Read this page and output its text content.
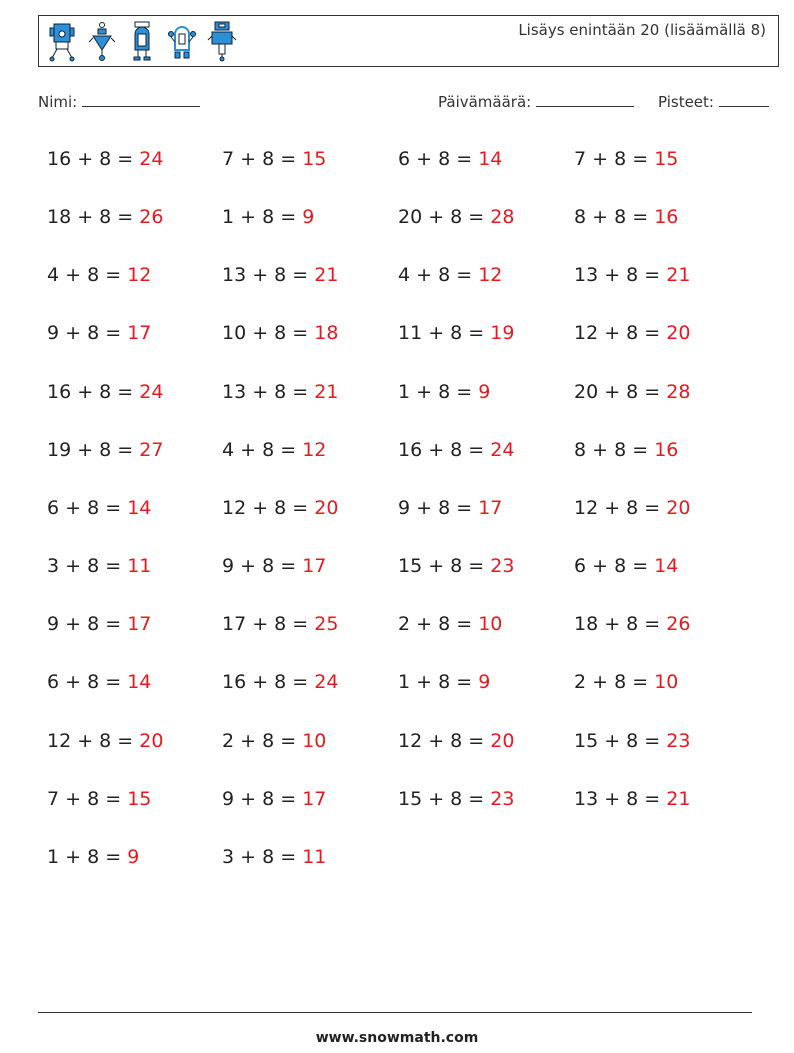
Lisäys enintään 20 (lisäämällä 8)
Nimi:	Päivämäärä:	Pisteet:
16 + 8 = 24
18 + 8 = 26
4 + 8 = 12
9 + 8 = 17
16 + 8 = 24
19 + 8 = 27
6 + 8 = 14
3 + 8 = 11
9 + 8 = 17
6 + 8 = 14
12 + 8 = 20
7 + 8 = 15
1 + 8 = 9
7 + 8 = 15
1 + 8 = 9
13 + 8 = 21
10 + 8 = 18
13 + 8 = 21
4 + 8 = 12
12 + 8 = 20
9 + 8 = 17
17 + 8 = 25
16 + 8 = 24
2 + 8 = 10
9 + 8 = 17
3 + 8 = 11
6 + 8 = 14
20 + 8 = 28
4 + 8 = 12
11 + 8 = 19
1 + 8 = 9
16 + 8 = 24
9 + 8 = 17
15 + 8 = 23
2 + 8 = 10
1 + 8 = 9
12 + 8 = 20
15 + 8 = 23
7 + 8 = 15
8 + 8 = 16
13 + 8 = 21
12 + 8 = 20
20 + 8 = 28
8 + 8 = 16
12 + 8 = 20
6 + 8 = 14
18 + 8 = 26
2 + 8 = 10
15 + 8 = 23
13 + 8 = 21
www.snowmath.com
